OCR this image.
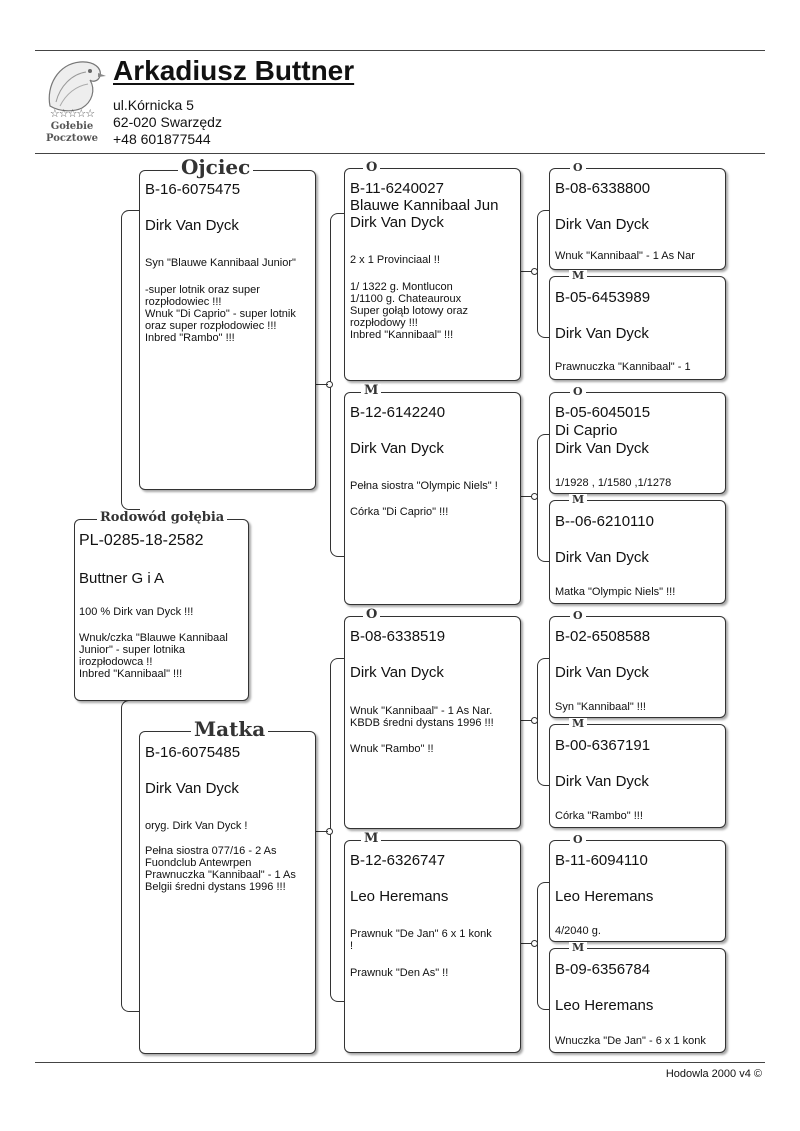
☆☆☆☆☆
Gołebie
Pocztowe
Arkadiusz Buttner
ul.Kórnicka 5
62-020 Swarzędz
+48 601877544
PL-0285-18-2582
Buttner G i A
100 % Dirk van Dyck !!!
Wnuk/czka "Blauwe Kannibaal
Junior" - super lotnika
irozpłodowca !!
Inbred "Kannibaal" !!!
Rodowód gołębia
B-16-6075475
Dirk Van Dyck
Syn "Blauwe Kannibaal Junior"
-super lotnik oraz super
rozpłodowiec !!!
Wnuk "Di Caprio" - super lotnik
oraz super rozpłodowiec !!!
Inbred "Rambo" !!!
Ojciec
B-16-6075485
Dirk Van Dyck
oryg. Dirk Van Dyck !
Pełna siostra 077/16 - 2 As
Fuondclub Antewrpen
Prawnuczka "Kannibaal" - 1 As
Belgii średni dystans 1996 !!!
Matka
B-11-6240027
Blauwe Kannibaal Jun
Dirk Van Dyck
2 x 1 Provinciaal !!
1/ 1322 g. Montlucon
1/1100 g. Chateauroux
Super gołąb lotowy oraz
rozpłodowy !!!
Inbred "Kannibaal" !!!
O
B-12-6142240
Dirk Van Dyck
Pełna siostra "Olympic Niels" !
Córka "Di Caprio" !!!
M
B-08-6338519
Dirk Van Dyck
Wnuk "Kannibaal" - 1 As Nar.
KBDB średni dystans 1996 !!!
Wnuk "Rambo" !!
O
B-12-6326747
Leo Heremans
Prawnuk "De Jan" 6 x 1 konk
!
Prawnuk "Den As" !!
M
B-08-6338800
Dirk Van Dyck
Wnuk "Kannibaal" - 1 As Nar
O
B-05-6453989
Dirk Van Dyck
Prawnuczka "Kannibaal" - 1
M
B-05-6045015
Di Caprio
Dirk Van Dyck
1/1928 , 1/1580 ,1/1278
O
B--06-6210110
Dirk Van Dyck
Matka "Olympic Niels" !!!
M
B-02-6508588
Dirk Van Dyck
Syn "Kannibaal" !!!
O
B-00-6367191
Dirk Van Dyck
Córka "Rambo" !!!
M
B-11-6094110
Leo Heremans
4/2040 g.
O
B-09-6356784
Leo Heremans
Wnuczka "De Jan" - 6 x 1 konk
M
Hodowla 2000 v4 ©
